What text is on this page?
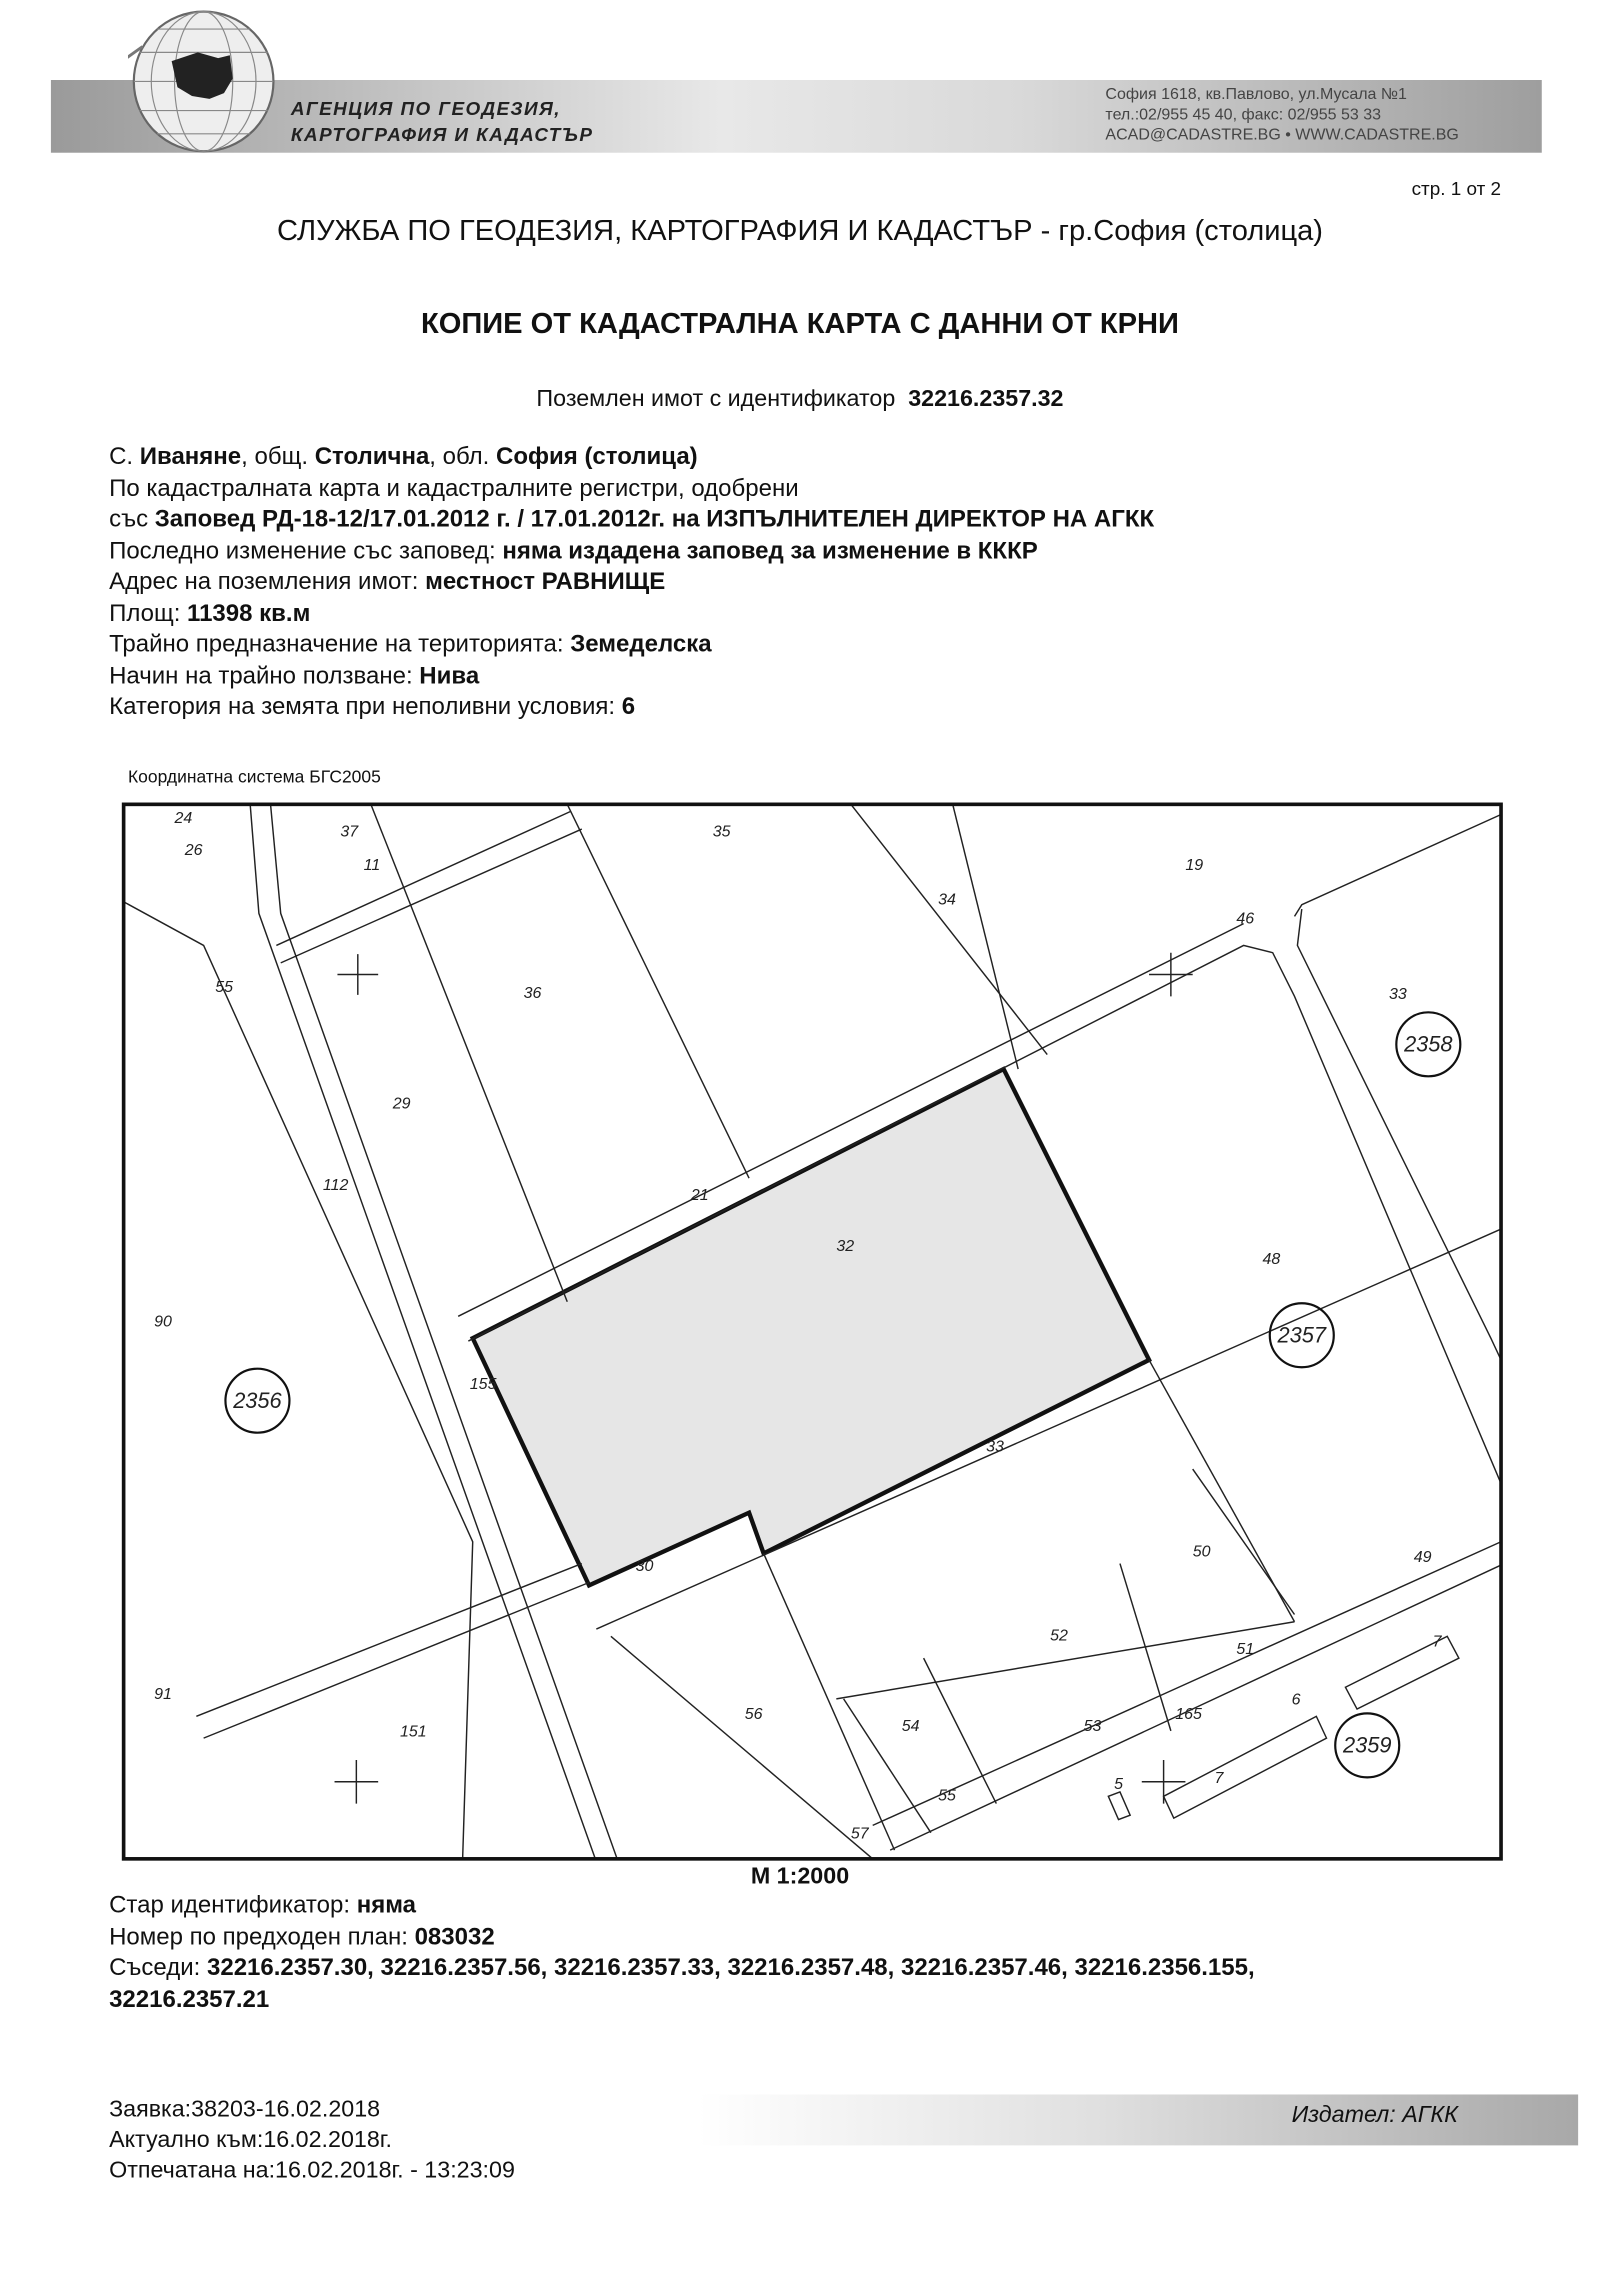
АГЕНЦИЯ ПО ГЕОДЕЗИЯ,
КАРТОГРАФИЯ И КАДАСТЪР
София 1618, кв.Павлово, ул.Мусала №1
тел.:02/955 45 40, факс: 02/955 53 33
ACAD@CADASTRE.BG • WWW.CADASTRE.BG
стр. 1 от 2
СЛУЖБА ПО ГЕОДЕЗИЯ, КАРТОГРАФИЯ И КАДАСТЪР - гр.София (столица)
КОПИЕ ОТ КАДАСТРАЛНА КАРТА С ДАННИ ОТ КРНИ
Поземлен имот с идентификатор 32216.2357.32
С. Иваняне, общ. Столична, обл. София (столица)
По кадастралната карта и кадастралните регистри, одобрени
със Заповед РД-18-12/17.01.2012 г. / 17.01.2012г. на ИЗПЪЛНИТЕЛЕН ДИРЕКТОР НА АГКК
Последно изменение със заповед: няма издадена заповед за изменение в КККР
Адрес на поземления имот: местност РАВНИЩЕ
Площ: 11398 кв.м
Трайно предназначение на територията: Земеделска
Начин на трайно ползване: Нива
Категория на земята при неполивни условия: 6
Координатна система БГС2005
24
26
37
11
35
34
19
46
33
55	36
29
112
21
32
48
90
155
33
30
50	49
52
51
91
151
56
54	53
165
6
7
55
57
5	7
2358
2357
2356
2359
М 1:2000
Стар идентификатор: няма
Номер по предходен план: 083032
Съседи: 32216.2357.30, 32216.2357.56, 32216.2357.33, 32216.2357.48, 32216.2357.46, 32216.2356.155,
32216.2357.21
Издател: АГКК
Заявка:38203-16.02.2018
Актуално към:16.02.2018г.
Отпечатана на:16.02.2018г. - 13:23:09
